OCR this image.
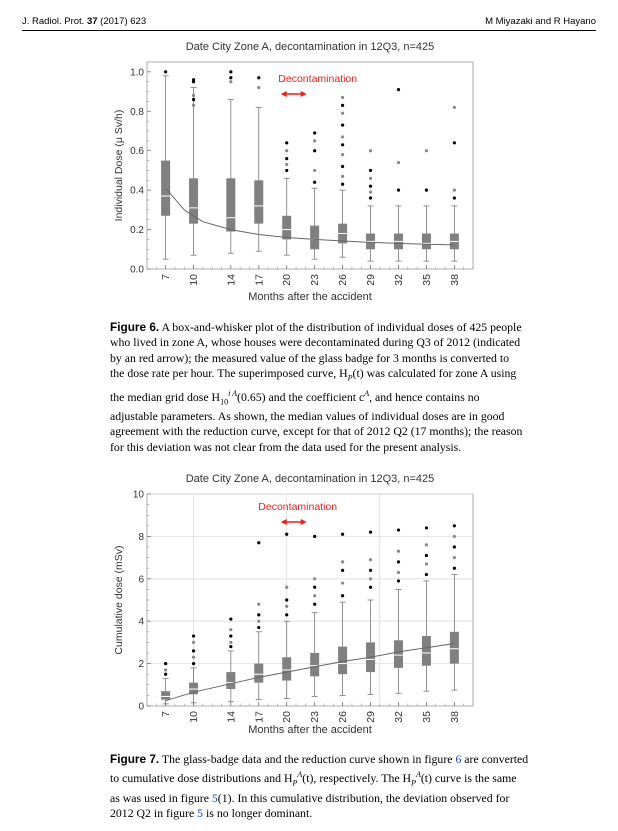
J. Radiol. Prot. 37 (2017) 623	M Miyazaki and R Hayano
Date City Zone A, decontamination in 12Q3, n=425
0.0
0.2
0.4
0.6
0.8
1.0
Individual Dose (μ Sv/h)
7 10 14 17 20 23 26 29 32 35 38
Months after the accident
Decontamination
Figure 6. A box-and-whisker plot of the distribution of individual doses of 425 people
who lived in zone A, whose houses were decontaminated during Q3 of 2012 (indicated
by an red arrow); the measured value of the glass badge for 3 months is converted to
the dose rate per hour. The superimposed curve, $H_P(t)$ was calculated for zone A using
the median grid dose $H_{10}^{i A}(0.65)$ and the coefficient $c^A$, and hence contains no
adjustable parameters. As shown, the median values of individual doses are in good
agreement with the reduction curve, except for that of 2012 Q2 (17 months); the reason
for this deviation was not clear from the data used for the present analysis.
Date City Zone A, decontamination in 12Q3, n=425
0
2
4
6
8
10
Cumulative dose (mSv)
7 10 14 17 20 23 26 29 32 35 38
Months after the accident
Decontamination
Figure 7. The glass-badge data and the reduction curve shown in figure 6 are converted
to cumulative dose distributions and $H_P^A(t)$, respectively. The $H_P^A(t)$ curve is the same
as was used in figure 5(1). In this cumulative distribution, the deviation observed for
2012 Q2 in figure 5 is no longer dominant.
